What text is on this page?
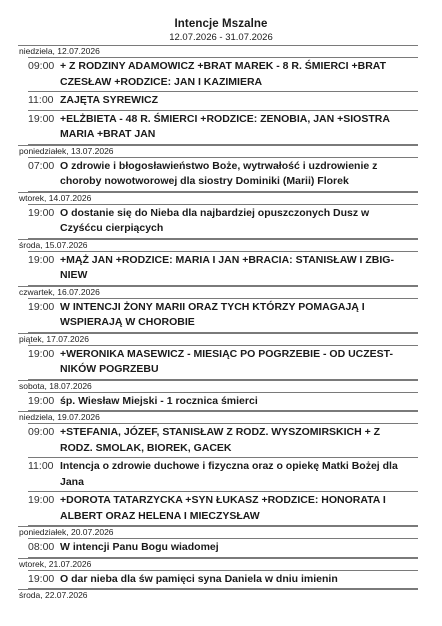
Intencje Mszalne
12.07.2026 - 31.07.2026
niedziela, 12.07.2026
09:00 + Z RODZINY ADAMOWICZ +BRAT MAREK - 8 R. ŚMIERCI +BRAT CZESŁAW +RODZICE: JAN I KAZIMIERA
11:00 ZAJĘTA SYREWICZ
19:00 +ELŻBIETA - 48 R. ŚMIERCI +RODZICE: ZENOBIA, JAN +SIOSTRA MARIA +BRAT JAN
poniedziałek, 13.07.2026
07:00 O zdrowie i błogosławieństwo Boże, wytrwałość i uzdrowienie z choroby nowotworowej dla siostry Dominiki (Marii) Florek
wtorek, 14.07.2026
19:00 O dostanie się do Nieba dla najbardziej opuszczonych Dusz w Czyśćcu cierpiących
środa, 15.07.2026
19:00 +MĄŻ JAN +RODZICE: MARIA I JAN +BRACIA: STANISŁAW I ZBIG-NIEW
czwartek, 16.07.2026
19:00 W INTENCJI ŻONY MARII ORAZ TYCH KTÓRZY POMAGAJĄ I WSPIERAJĄ W CHOROBIE
piątek, 17.07.2026
19:00 +WERONIKA MASEWICZ - MIESIĄC PO POGRZEBIE - OD UCZEST-NIKÓW POGRZEBU
sobota, 18.07.2026
19:00 śp. Wiesław Miejski - 1 rocznica śmierci
niedziela, 19.07.2026
09:00 +STEFANIA, JÓZEF, STANISŁAW Z RODZ. WYSZOMIRSKICH + Z RODZ. SMOLAK, BIOREK, GACEK
11:00 Intencja o zdrowie duchowe i fizyczna oraz o opiekę Matki Bożej dla Jana
19:00 +DOROTA TATARZYCKA +SYN ŁUKASZ +RODZICE: HONORATA I ALBERT ORAZ HELENA I MIECZYSŁAW
poniedziałek, 20.07.2026
08:00 W intencji Panu Bogu wiadomej
wtorek, 21.07.2026
19:00 O dar nieba dla św pamięci syna Daniela w dniu imienin
środa, 22.07.2026
